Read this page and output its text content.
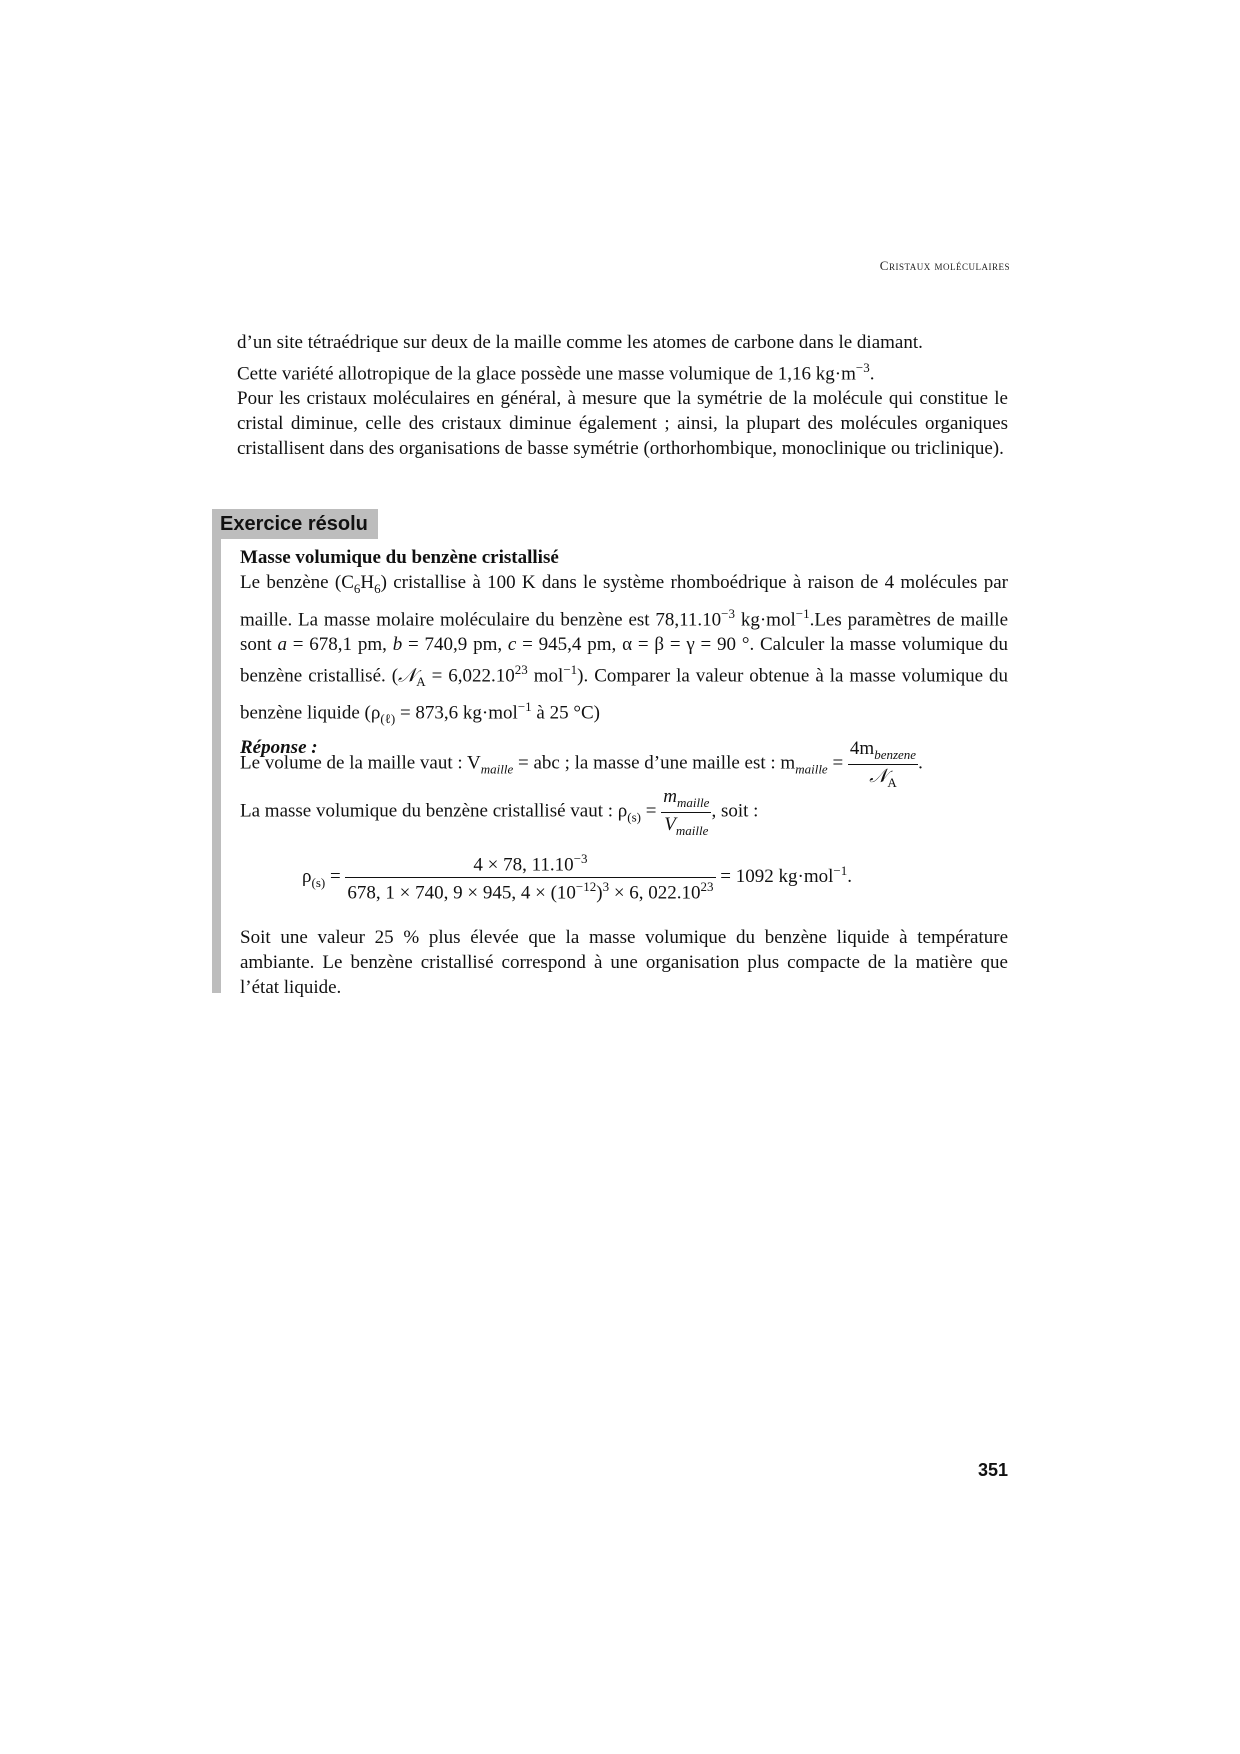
Cristaux moléculaires

d’un site tétraédrique sur deux de la maille comme les atomes de carbone dans le diamant.
Cette variété allotropique de la glace possède une masse volumique de 1,16 $kg\cdot m^{-3}$.

Pour les cristaux moléculaires en général, à mesure que la symétrie de la molécule qui constitue le cristal diminue, celle des cristaux diminue également ; ainsi, la plupart des molécules organiques cristallisent dans des organisations de basse symétrie (orthorhombique, monoclinique ou triclinique).

Exercice résolu

Masse volumique du benzène cristallisé

Le benzène $(C_6H_6)$ cristallise à 100 K dans le système rhomboédrique à raison de 4 molécules par maille. La masse molaire moléculaire du benzène est $78,11.10^{-3}$ kg·mol$^{-1}$.Les paramètres de maille sont a = 678,1 pm, b = 740,9 pm, c = 945,4 pm, α = β = γ = 90 °. Calculer la masse volumique du benzène cristallisé. (𝒩$_A$ = $6,022.10^{23}$ mol$^{-1}$). Comparer la valeur obtenue à la masse volumique du benzène liquide ($\rho_{(\ell)} = 873,6$ kg·mol$^{-1}$ à 25 °C)

Réponse :

Le volume de la maille vaut : $V_{maille}$ = abc ; la masse d’une maille est : $m_{maille} = \frac{4m_{benzene}}{𝒩_A}$ .
La masse volumique du benzène cristallisé vaut : $\rho_{(s)} = \frac{m_{maille}}{V_{maille}}$ , soit :
$\rho_{(s)} = \frac{4 \times 78, 11.10^{-3}}{678, 1 \times 740, 9 \times 945, 4 \times (10^{-12})^3 \times 6, 022.10^{23}} = 1092$ kg·mol$^{-1}$.

Soit une valeur 25 % plus élevée que la masse volumique du benzène liquide à température ambiante. Le benzène cristallisé correspond à une organisation plus compacte de la matière que l’état liquide.

351
